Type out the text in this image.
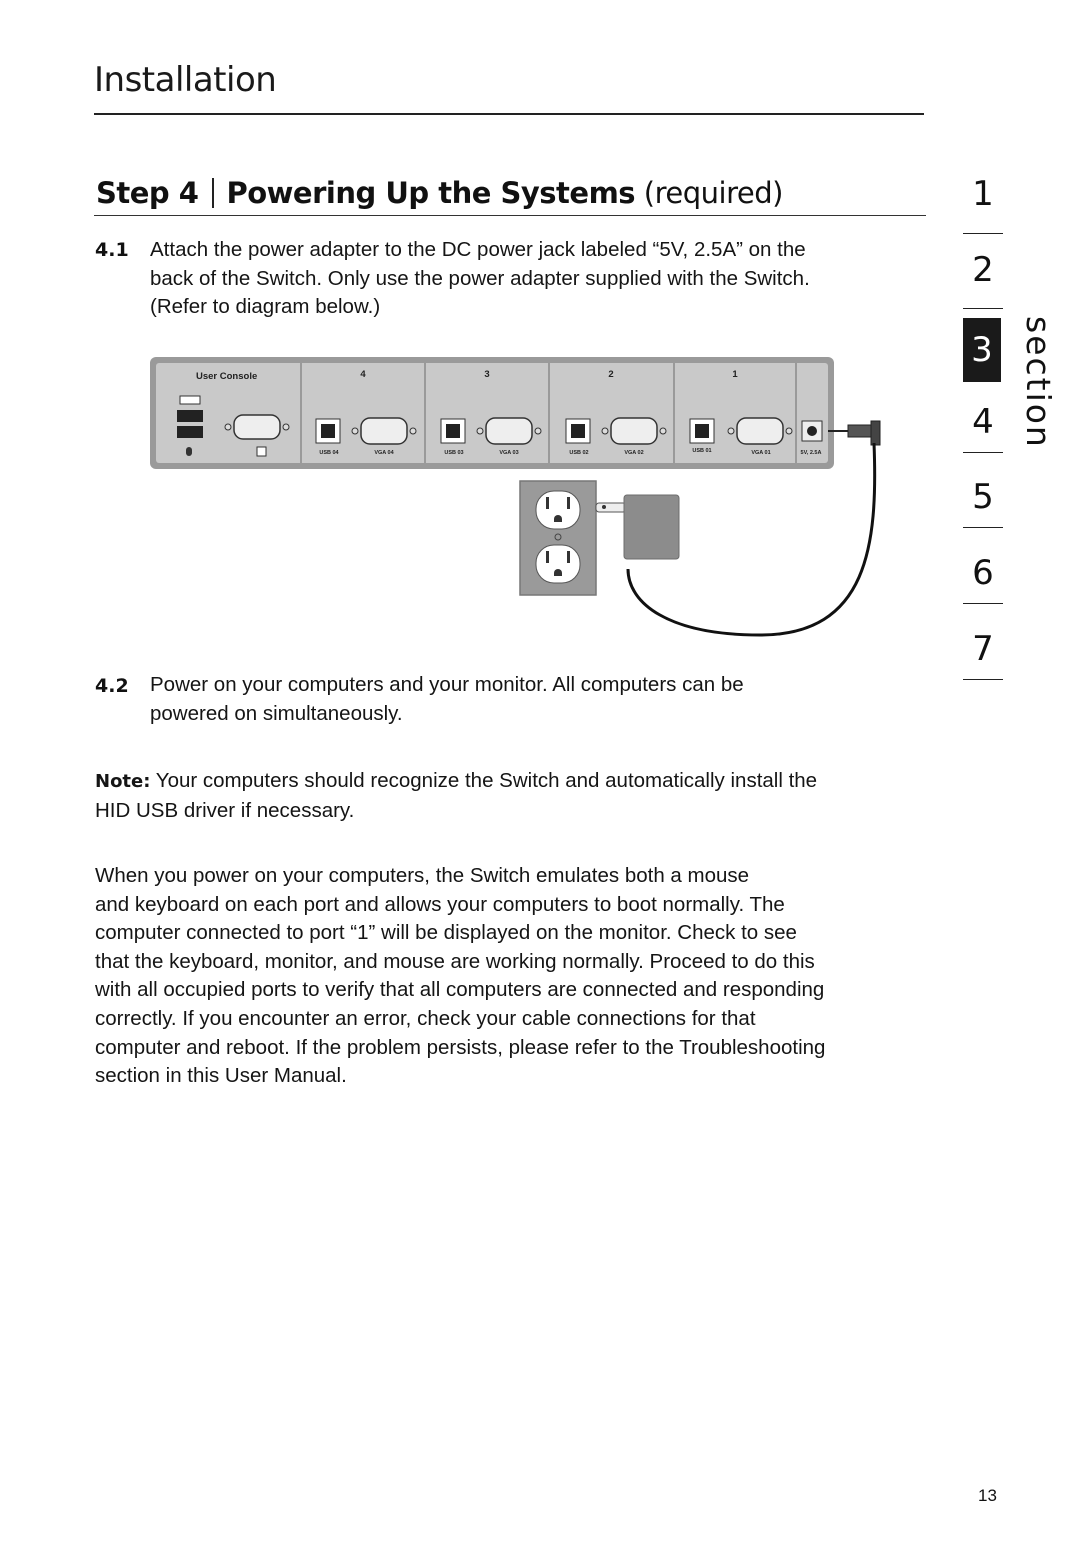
Installation
Step 4 Powering Up the Systems (required)
4.1 Attach the power adapter to the DC power jack labeled “5V, 2.5A” on the
back of the Switch. Only use the power adapter supplied with the Switch.
(Refer to diagram below.)
User Console	4
USB 04	VGA 04
3
USB 03	VGA 03
2
USB 02	VGA 02
1
USB 01	VGA 01	5V, 2.5A
4.2 Power on your computers and your monitor. All computers can be
powered on simultaneously.
Note: Your computers should recognize the Switch and automatically install the
HID USB driver if necessary.
When you power on your computers, the Switch emulates both a mouse
and keyboard on each port and allows your computers to boot normally. The
computer connected to port “1” will be displayed on the monitor. Check to see
that the keyboard, monitor, and mouse are working normally. Proceed to do this
with all occupied ports to verify that all computers are connected and responding
correctly. If you encounter an error, check your cable connections for that
computer and reboot. If the problem persists, please refer to the Troubleshooting
section in this User Manual.
1
2
3
4
5
6
7
section
13
